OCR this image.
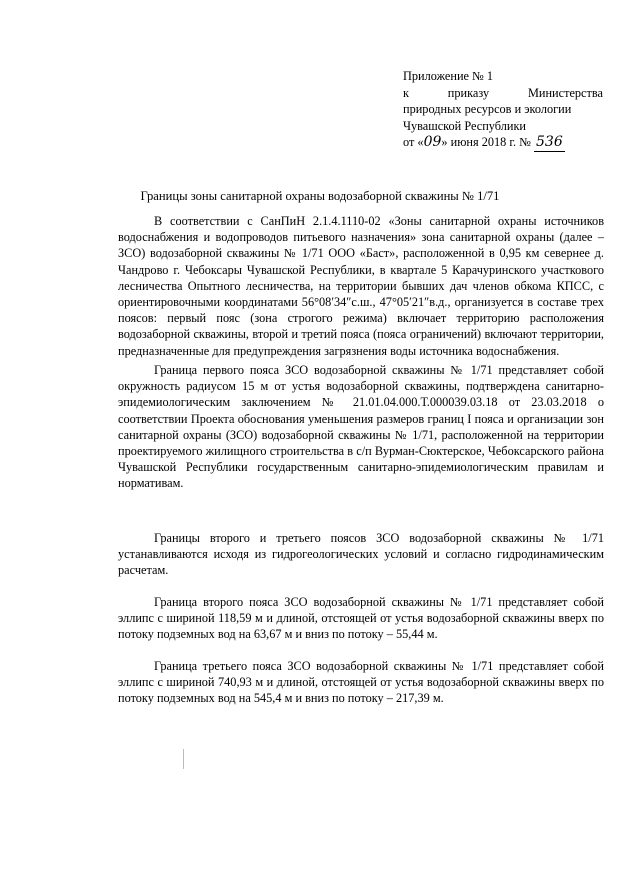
Приложение № 1
к приказу Министерства
природных ресурсов и экологии
Чувашской Республики
от «09» июня 2018 г. № 536
Границы зоны санитарной охраны водозаборной скважины № 1/71

В соответствии с СанПиН 2.1.4.1110-02 «Зоны санитарной охраны источников водоснабжения и водопроводов питьевого назначения» зона санитарной охраны (далее – ЗСО) водозаборной скважины № 1/71 ООО «Баст», расположенной в 0,95 км севернее д. Чандрово г. Чебоксары Чувашской Республики, в квартале 5 Карачуринского участкового лесничества Опытного лесничества, на территории бывших дач членов обкома КПСС, с ориентировочными координатами 56°08′34″с.ш., 47°05′21″в.д., организуется в составе трех поясов: первый пояс (зона строгого режима) включает территорию расположения водозаборной скважины, второй и третий пояса (пояса ограничений) включают территории, предназначенные для предупреждения загрязнения воды источника водоснабжения.

Граница первого пояса ЗСО водозаборной скважины № 1/71 представляет собой окружность радиусом 15 м от устья водозаборной скважины, подтверждена санитарно-эпидемиологическим заключением № 21.01.04.000.Т.000039.03.18 от 23.03.2018 о соответствии Проекта обоснования уменьшения размеров границ I пояса и организации зон санитарной охраны (ЗСО) водозаборной скважины № 1/71, расположенной на территории проектируемого жилищного строительства в с/п Вурман-Сюктерское, Чебоксарского района Чувашской Республики государственным санитарно-эпидемиологическим правилам и нормативам.

Границы второго и третьего поясов ЗСО водозаборной скважины № 1/71 устанавливаются исходя из гидрогеологических условий и согласно гидродинамическим расчетам.

Граница второго пояса ЗСО водозаборной скважины № 1/71 представляет собой эллипс с шириной 118,59 м и длиной, отстоящей от устья водозаборной скважины вверх по потоку подземных вод на 63,67 м и вниз по потоку – 55,44 м.

Граница третьего пояса ЗСО водозаборной скважины № 1/71 представляет собой эллипс с шириной 740,93 м и длиной, отстоящей от устья водозаборной скважины вверх по потоку подземных вод на 545,4 м и вниз по потоку – 217,39 м.
